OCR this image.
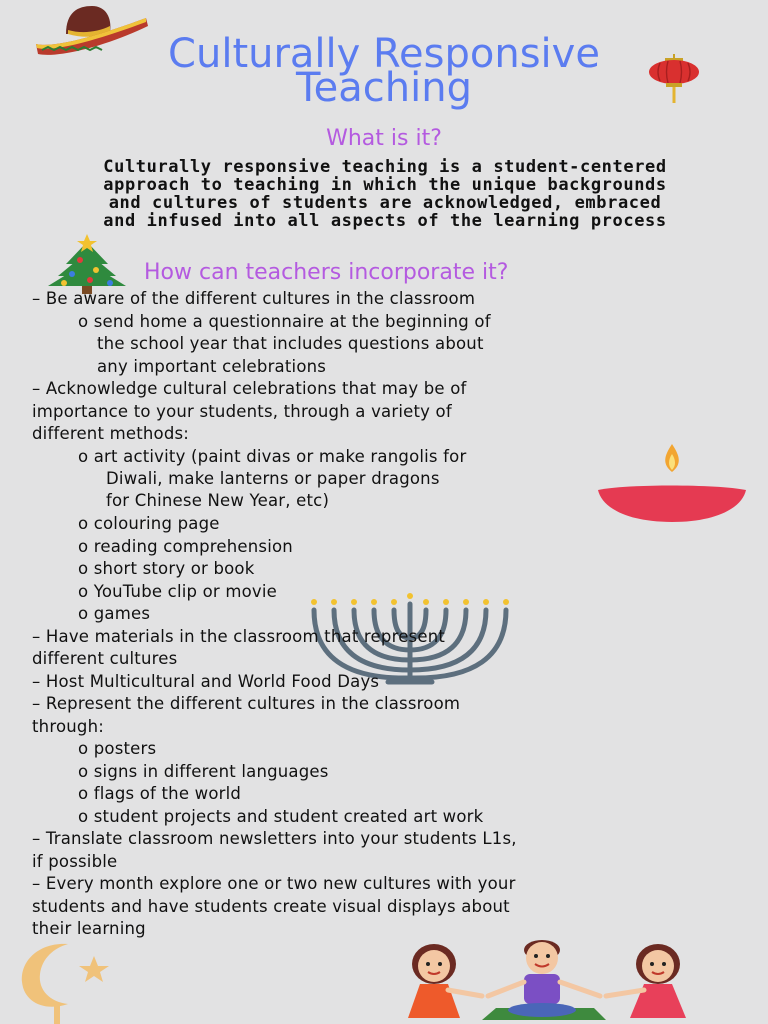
Culturally Responsive
Teaching
What is it?
Culturally responsive teaching is a student-centered
approach to teaching in which the unique backgrounds
and cultures of students are acknowledged, embraced
and infused into all aspects of the learning process
How can teachers incorporate it?
– Be aware of the different cultures in the classroom
o send home a questionnaire at the beginning of
the school year that includes questions about
any important celebrations
– Acknowledge cultural celebrations that may be of
importance to your students, through a variety of
different methods:
o art activity (paint divas or make rangolis for
Diwali, make lanterns or paper dragons
for Chinese New Year, etc)
o colouring page
o reading comprehension
o short story or book
o YouTube clip or movie
o games
– Have materials in the classroom that represent
different cultures
– Host Multicultural and World Food Days
– Represent the different cultures in the classroom
through:
o posters
o signs in different languages
o flags of the world
o student projects and student created art work
– Translate classroom newsletters into your students L1s,
if possible
– Every month explore one or two new cultures with your
students and have students create visual displays about
their learning
